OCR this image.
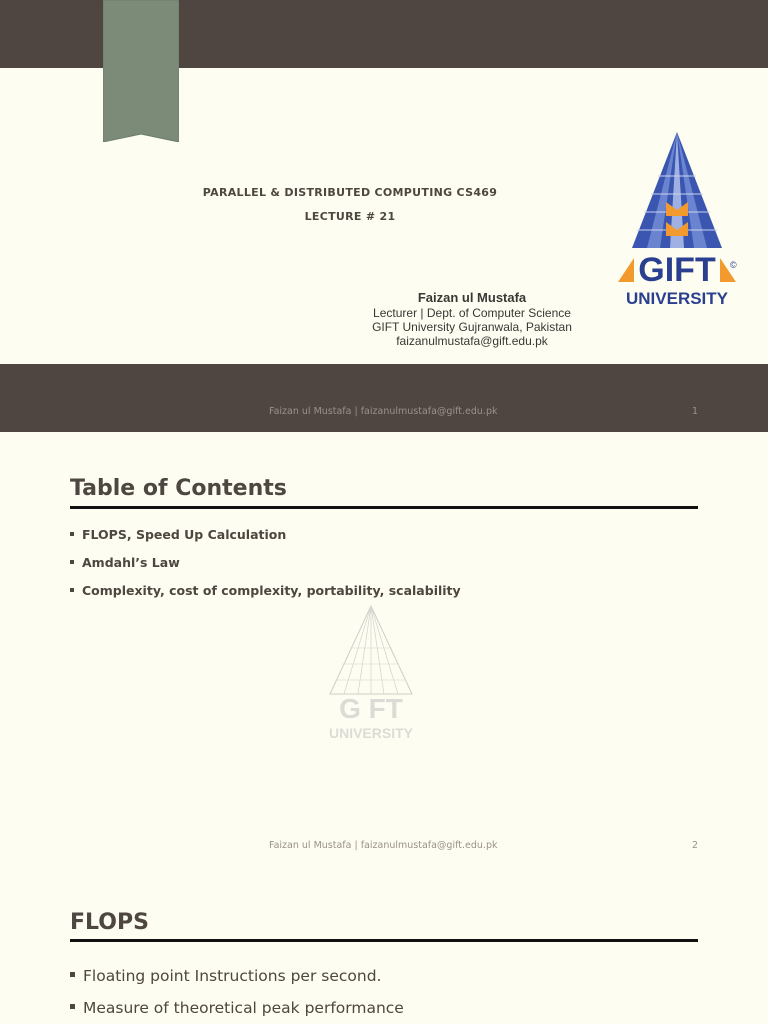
PARALLEL & DISTRIBUTED COMPUTING CS469
LECTURE # 21
Faizan ul Mustafa
Lecturer | Dept. of Computer Science
GIFT University Gujranwala, Pakistan
faizanulmustafa@gift.edu.pk
GIFT ©
UNIVERSITY
Faizan ul Mustafa | faizanulmustafa@gift.edu.pk	1
Table of Contents
FLOPS, Speed Up Calculation
Amdahl’s Law
Complexity, cost of complexity, portability, scalability
G FT
UNIVERSITY
Faizan ul Mustafa | faizanulmustafa@gift.edu.pk	2
FLOPS
Floating point Instructions per second.
Measure of theoretical peak performance
